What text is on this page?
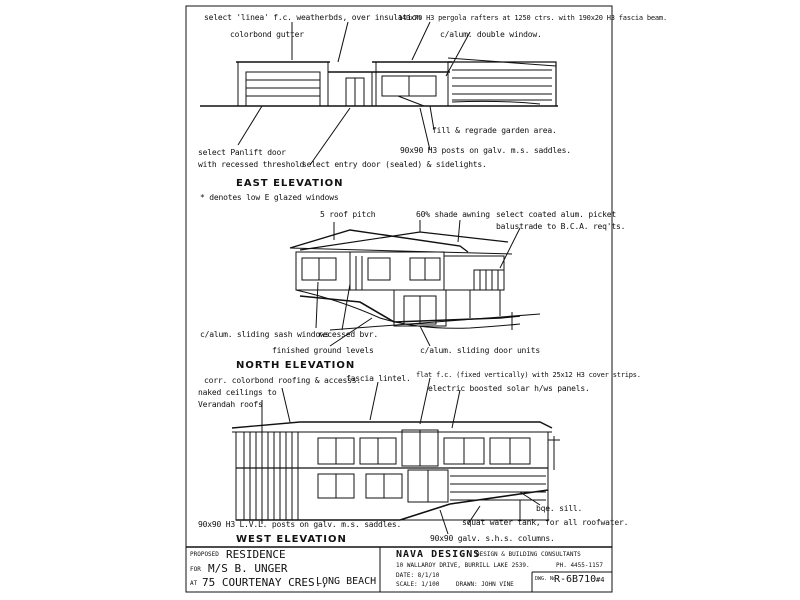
select 'linea' f.c. weatherbds, over insulation
140x70 H3 pergola rafters at 1250 ctrs. with 190x20 H3 fascia beam.
colorbond gutter	c/alum. double window.
fill & regrade garden area.
90x90 H3 posts on galv. m.s. saddles.
select Panlift door
with recessed threshold
select entry door (sealed) & sidelights.
EAST ELEVATION
* denotes low E glazed windows
5 roof pitch	60% shade awning select coated alum. picket
balustrade to B.C.A. req'ts.
c/alum. sliding sash windows
recessed bvr.
finished ground levels	c/alum. sliding door units
NORTH ELEVATION
corr. colorbond roofing & accesss.
fascia lintel.
naked ceilings to
Verandah roofs
flat f.c. (fixed vertically) with 25x12 H3 cover strips.
electric boosted solar h/ws panels.
bqe. sill.
squat water tank, for all roofwater.
90x90 H3 L.V.L. posts on galv. m.s. saddles.
90x90 galv. s.h.s. columns.
WEST ELEVATION
PROPOSED RESIDENCE
FOR M/S B. UNGER
AT 75 COURTENAY CRES.,
LONG BEACH
NAVA DESIGNS
DESIGN & BUILDING CONSULTANTS
10 WALLAROY DRIVE, BURRILL LAKE 2539.	PH. 4455-1157
DATE: 8/1/10
SCALE: 1/100	DRAWN: JOHN VINE
DWG. No.
R-6B710 #4
